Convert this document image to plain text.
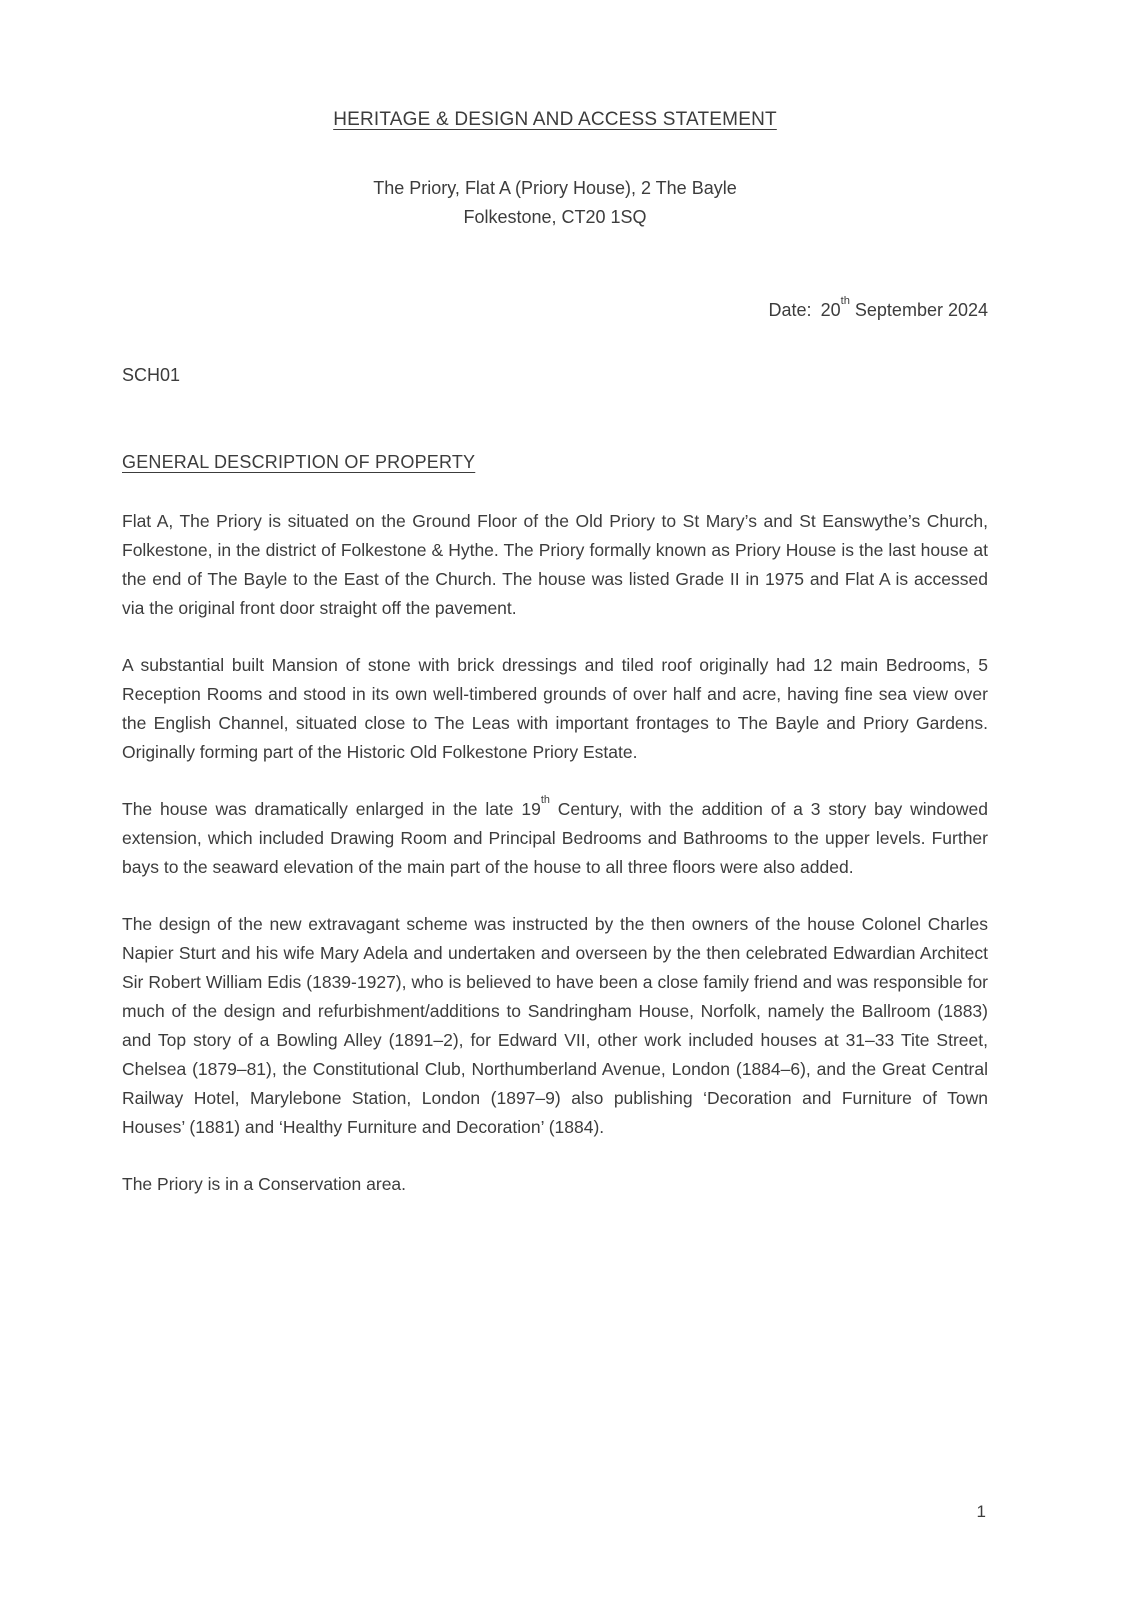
HERITAGE & DESIGN AND ACCESS STATEMENT
The Priory, Flat A (Priory House), 2 The Bayle
Folkestone, CT20 1SQ
Date: 20th September 2024
SCH01
GENERAL DESCRIPTION OF PROPERTY

Flat A, The Priory is situated on the Ground Floor of the Old Priory to St Mary’s and St Eanswythe’s Church, Folkestone, in the district of Folkestone & Hythe. The Priory formally known as Priory House is the last house at the end of The Bayle to the East of the Church. The house was listed Grade II in 1975 and Flat A is accessed via the original front door straight off the pavement.

A substantial built Mansion of stone with brick dressings and tiled roof originally had 12 main Bedrooms, 5 Reception Rooms and stood in its own well-timbered grounds of over half and acre, having fine sea view over the English Channel, situated close to The Leas with important frontages to The Bayle and Priory Gardens. Originally forming part of the Historic Old Folkestone Priory Estate.

The house was dramatically enlarged in the late 19th Century, with the addition of a 3 story bay windowed extension, which included Drawing Room and Principal Bedrooms and Bathrooms to the upper levels. Further bays to the seaward elevation of the main part of the house to all three floors were also added.

The design of the new extravagant scheme was instructed by the then owners of the house Colonel Charles Napier Sturt and his wife Mary Adela and undertaken and overseen by the then celebrated Edwardian Architect Sir Robert William Edis (1839-1927), who is believed to have been a close family friend and was responsible for much of the design and refurbishment/additions to Sandringham House, Norfolk, namely the Ballroom (1883) and Top story of a Bowling Alley (1891–2), for Edward VII, other work included houses at 31–33 Tite Street, Chelsea (1879–81), the Constitutional Club, Northumberland Avenue, London (1884–6), and the Great Central Railway Hotel, Marylebone Station, London (1897–9) also publishing ‘Decoration and Furniture of Town Houses’ (1881) and ‘Healthy Furniture and Decoration’ (1884).

The Priory is in a Conservation area.

1
